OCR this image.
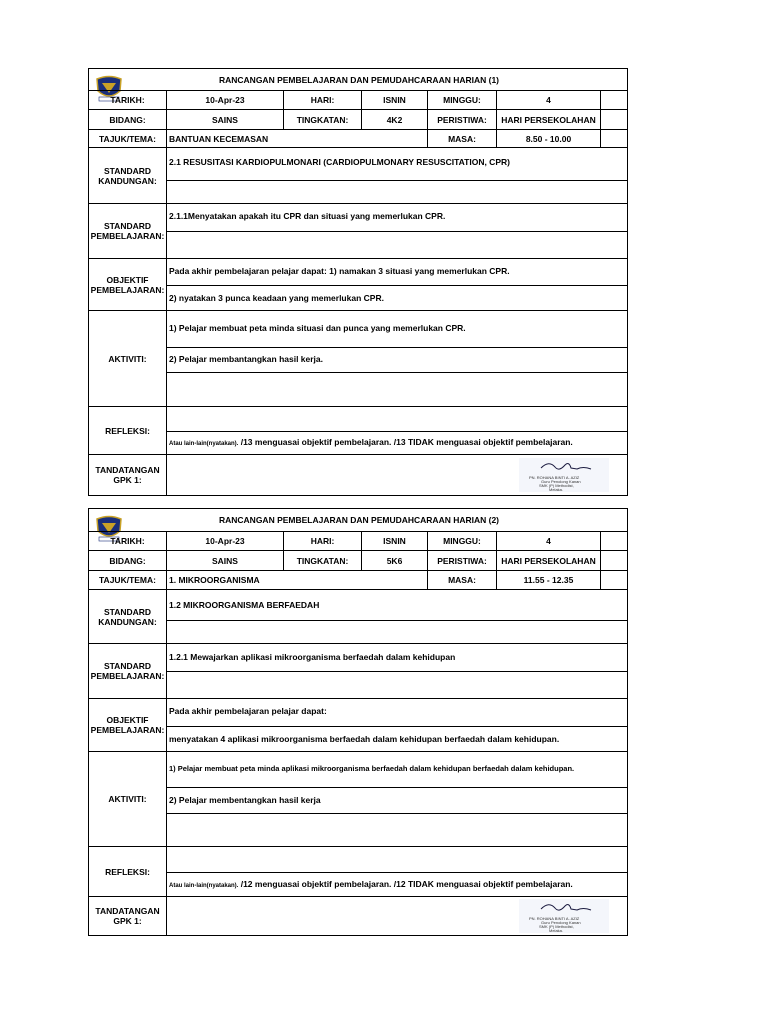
RANCANGAN PEMBELAJARAN DAN PEMUDAHCARAAN HARIAN (1)
TARIKH:	10-Apr-23	HARI:	ISNIN	MINGGU:	4
BIDANG:	SAINS	TINGKATAN:	4K2	PERISTIWA:	HARI PERSEKOLAHAN
TAJUK/TEMA:	BANTUAN KECEMASAN	MASA:	8.50 - 10.00
STANDARD
KANDUNGAN:
2.1 RESUSITASI KARDIOPULMONARI (CARDIOPULMONARY RESUSCITATION, CPR)
STANDARD
PEMBELAJARAN:
2.1.1Menyatakan apakah itu CPR dan situasi yang memerlukan CPR.
OBJEKTIF
PEMBELAJARAN:
Pada akhir pembelajaran pelajar dapat: 1) namakan 3 situasi yang memerlukan CPR.
2) nyatakan 3 punca keadaan yang memerlukan CPR.
AKTIVITI:
1) Pelajar membuat peta minda situasi dan punca yang memerlukan CPR.
2) Pelajar membantangkan hasil kerja.
REFLEKSI:
Atau lain-lain(nyatakan). /13 menguasai objektif pembelajaran. /13 TIDAK menguasai objektif pembelajaran.
TANDATANGAN
GPK 1:	PN. ROHANA BINTI A. AZIZ
Guru Penolong Kanan
SMK (P) Methodist,
Melaka.
RANCANGAN PEMBELAJARAN DAN PEMUDAHCARAAN HARIAN (2)
TARIKH:	10-Apr-23	HARI:	ISNIN	MINGGU:	4
BIDANG:	SAINS	TINGKATAN:	5K6	PERISTIWA:	HARI PERSEKOLAHAN
TAJUK/TEMA:	1. MIKROORGANISMA	MASA:	11.55 - 12.35
STANDARD
KANDUNGAN:
1.2 MIKROORGANISMA BERFAEDAH
STANDARD
PEMBELAJARAN:
1.2.1 Mewajarkan aplikasi mikroorganisma berfaedah dalam kehidupan
OBJEKTIF
PEMBELAJARAN:
Pada akhir pembelajaran pelajar dapat:
menyatakan 4 aplikasi mikroorganisma berfaedah dalam kehidupan berfaedah dalam kehidupan.
AKTIVITI:
1) Pelajar membuat peta minda aplikasi mikroorganisma berfaedah dalam kehidupan berfaedah dalam kehidupan.
2) Pelajar membentangkan hasil kerja
REFLEKSI:
Atau lain-lain(nyatakan). /12 menguasai objektif pembelajaran. /12 TIDAK menguasai objektif pembelajaran.
TANDATANGAN
GPK 1:	PN. ROHANA BINTI A. AZIZ
Guru Penolong Kanan
SMK (P) Methodist,
Melaka.
